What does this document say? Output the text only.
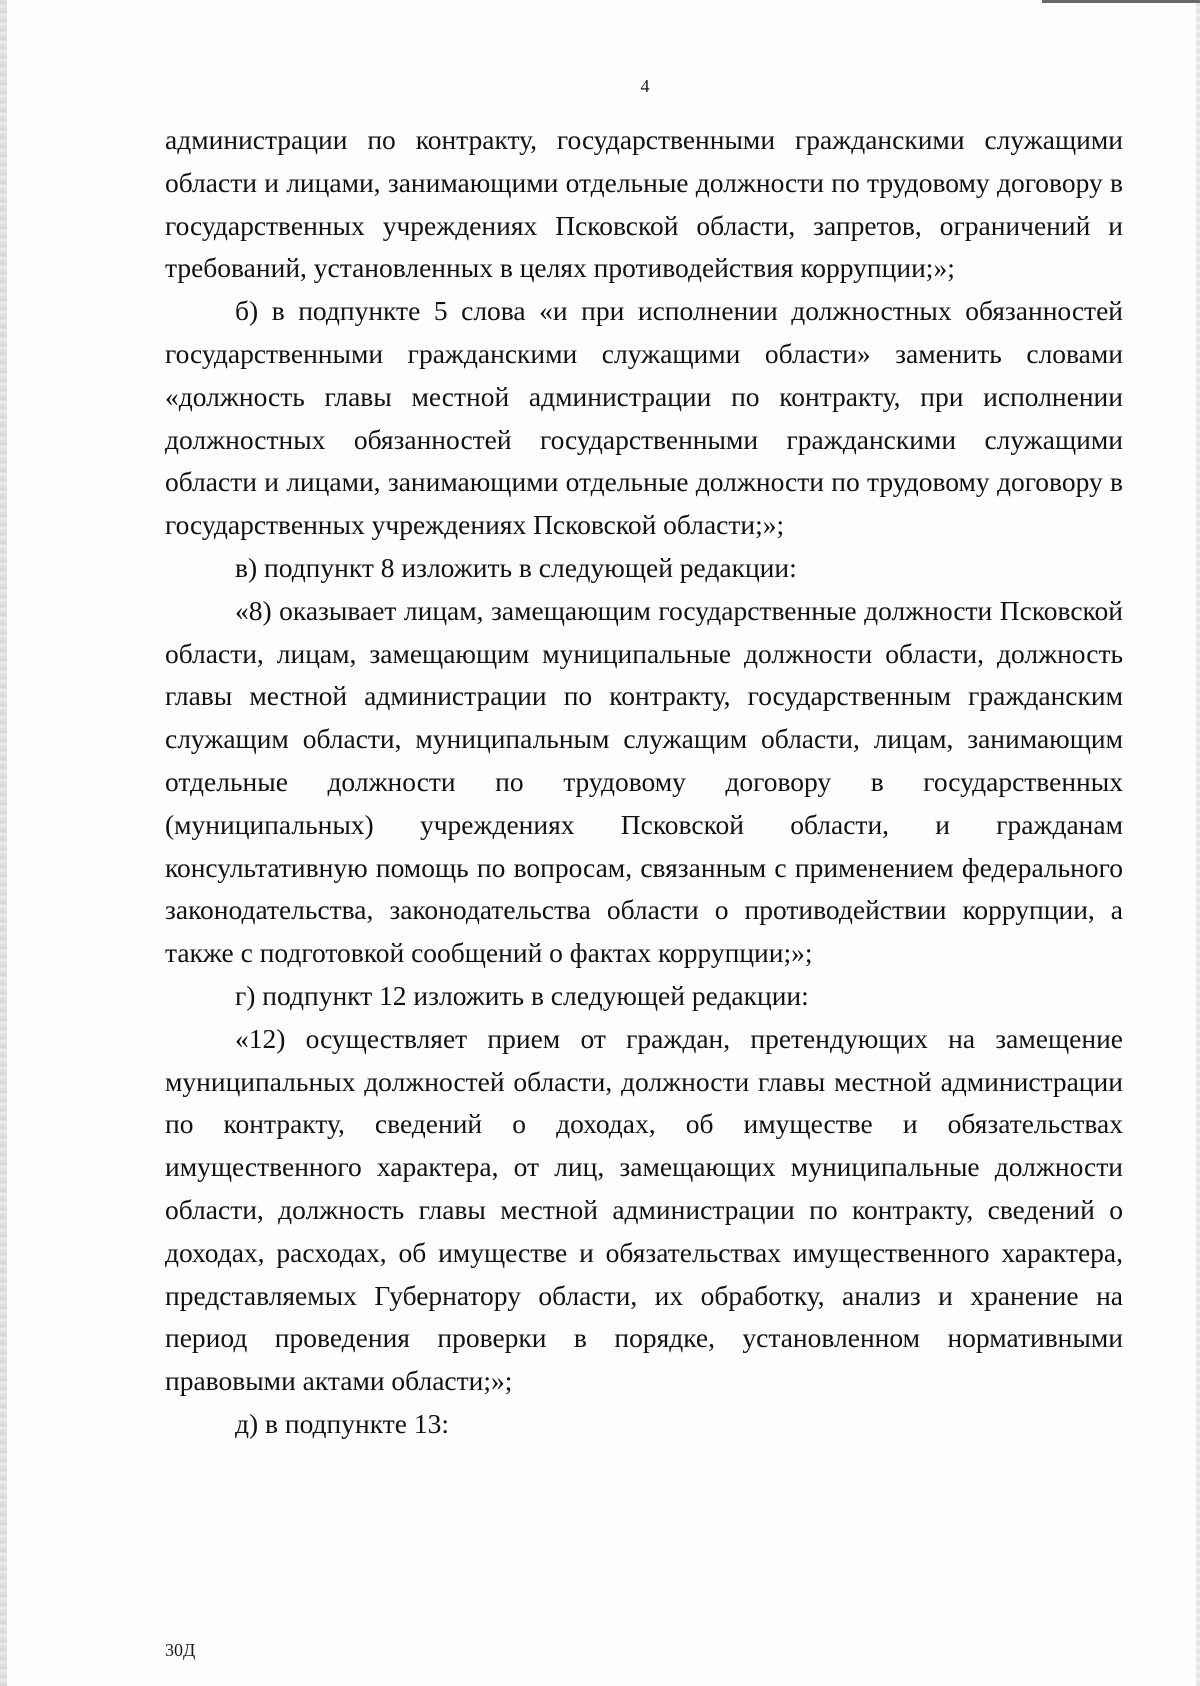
4

администрации по контракту, государственными гражданскими служащими области и лицами, занимающими отдельные должности по трудовому договору в государственных учреждениях Псковской области, запретов, ограничений и требований, установленных в целях противодействия коррупции;»;

б) в подпункте 5 слова «и при исполнении должностных обязанностей государственными гражданскими служащими области» заменить словами «должность главы местной администрации по контракту, при исполнении должностных обязанностей государственными гражданскими служащими области и лицами, занимающими отдельные должности по трудовому договору в государственных учреждениях Псковской области;»;

в) подпункт 8 изложить в следующей редакции:

«8) оказывает лицам, замещающим государственные должности Псковской области, лицам, замещающим муниципальные должности области, должность главы местной администрации по контракту, государственным гражданским служащим области, муниципальным служащим области, лицам, занимающим отдельные должности по трудовому договору в государственных (муниципальных) учреждениях Псковской области, и гражданам консультативную помощь по вопросам, связанным с применением федерального законодательства, законодательства области о противодействии коррупции, а также с подготовкой сообщений о фактах коррупции;»;

г) подпункт 12 изложить в следующей редакции:

«12) осуществляет прием от граждан, претендующих на замещение муниципальных должностей области, должности главы местной администрации по контракту, сведений о доходах, об имуществе и обязательствах имущественного характера, от лиц, замещающих муниципальные должности области, должность главы местной администрации по контракту, сведений о доходах, расходах, об имуществе и обязательствах имущественного характера, представляемых Губернатору области, их обработку, анализ и хранение на период проведения проверки в порядке, установленном нормативными правовыми актами области;»;

д) в подпункте 13:

30Д
